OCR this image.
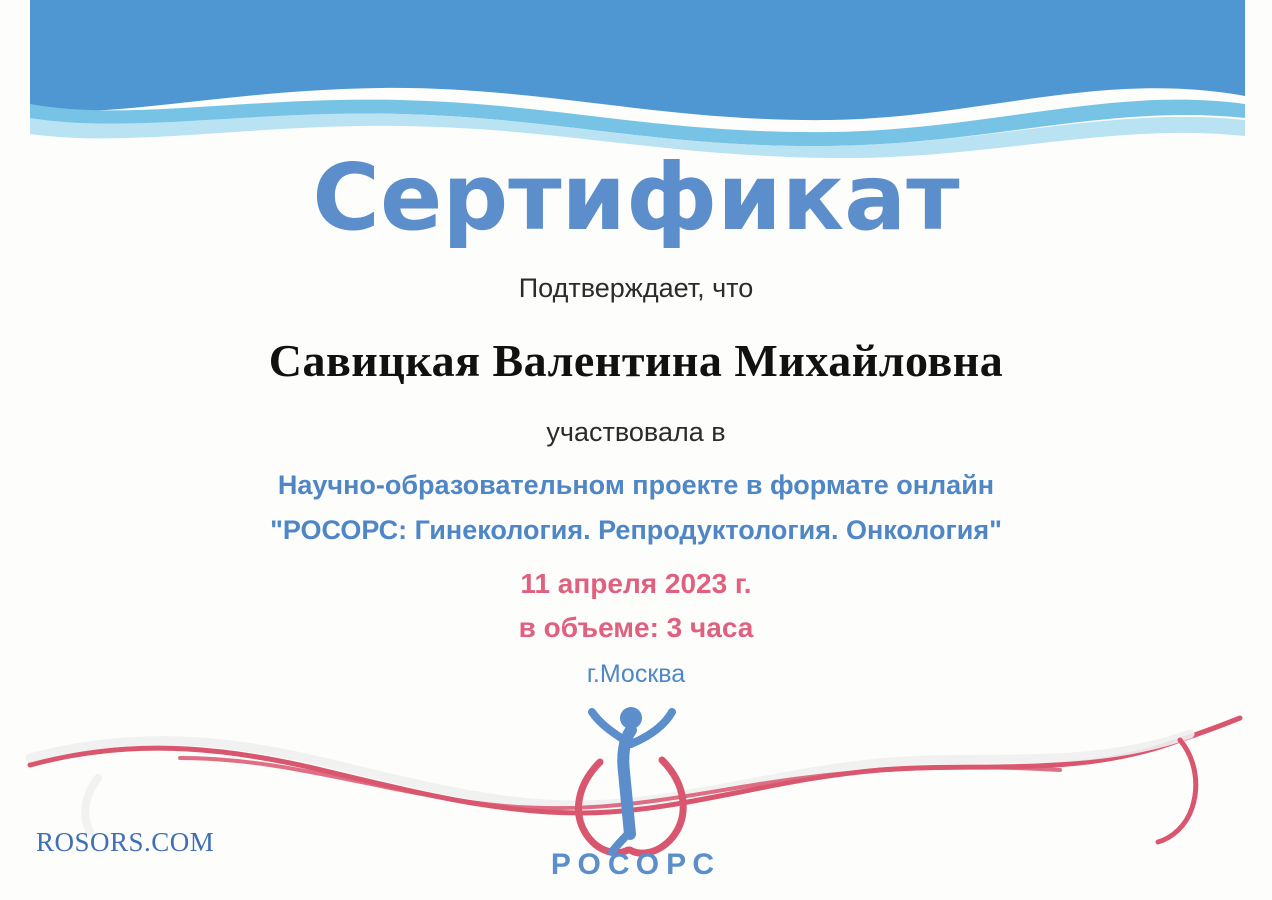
Сертификат
Подтверждает, что
Савицкая Валентина Михайловна
участвовала в
Научно-образовательном проекте в формате онлайн
"РОСОРС: Гинекология. Репродуктология. Онкология"
11 апреля 2023 г.
в объеме: 3 часа
г.Москва
РОСОРС
ROSORS.COM
